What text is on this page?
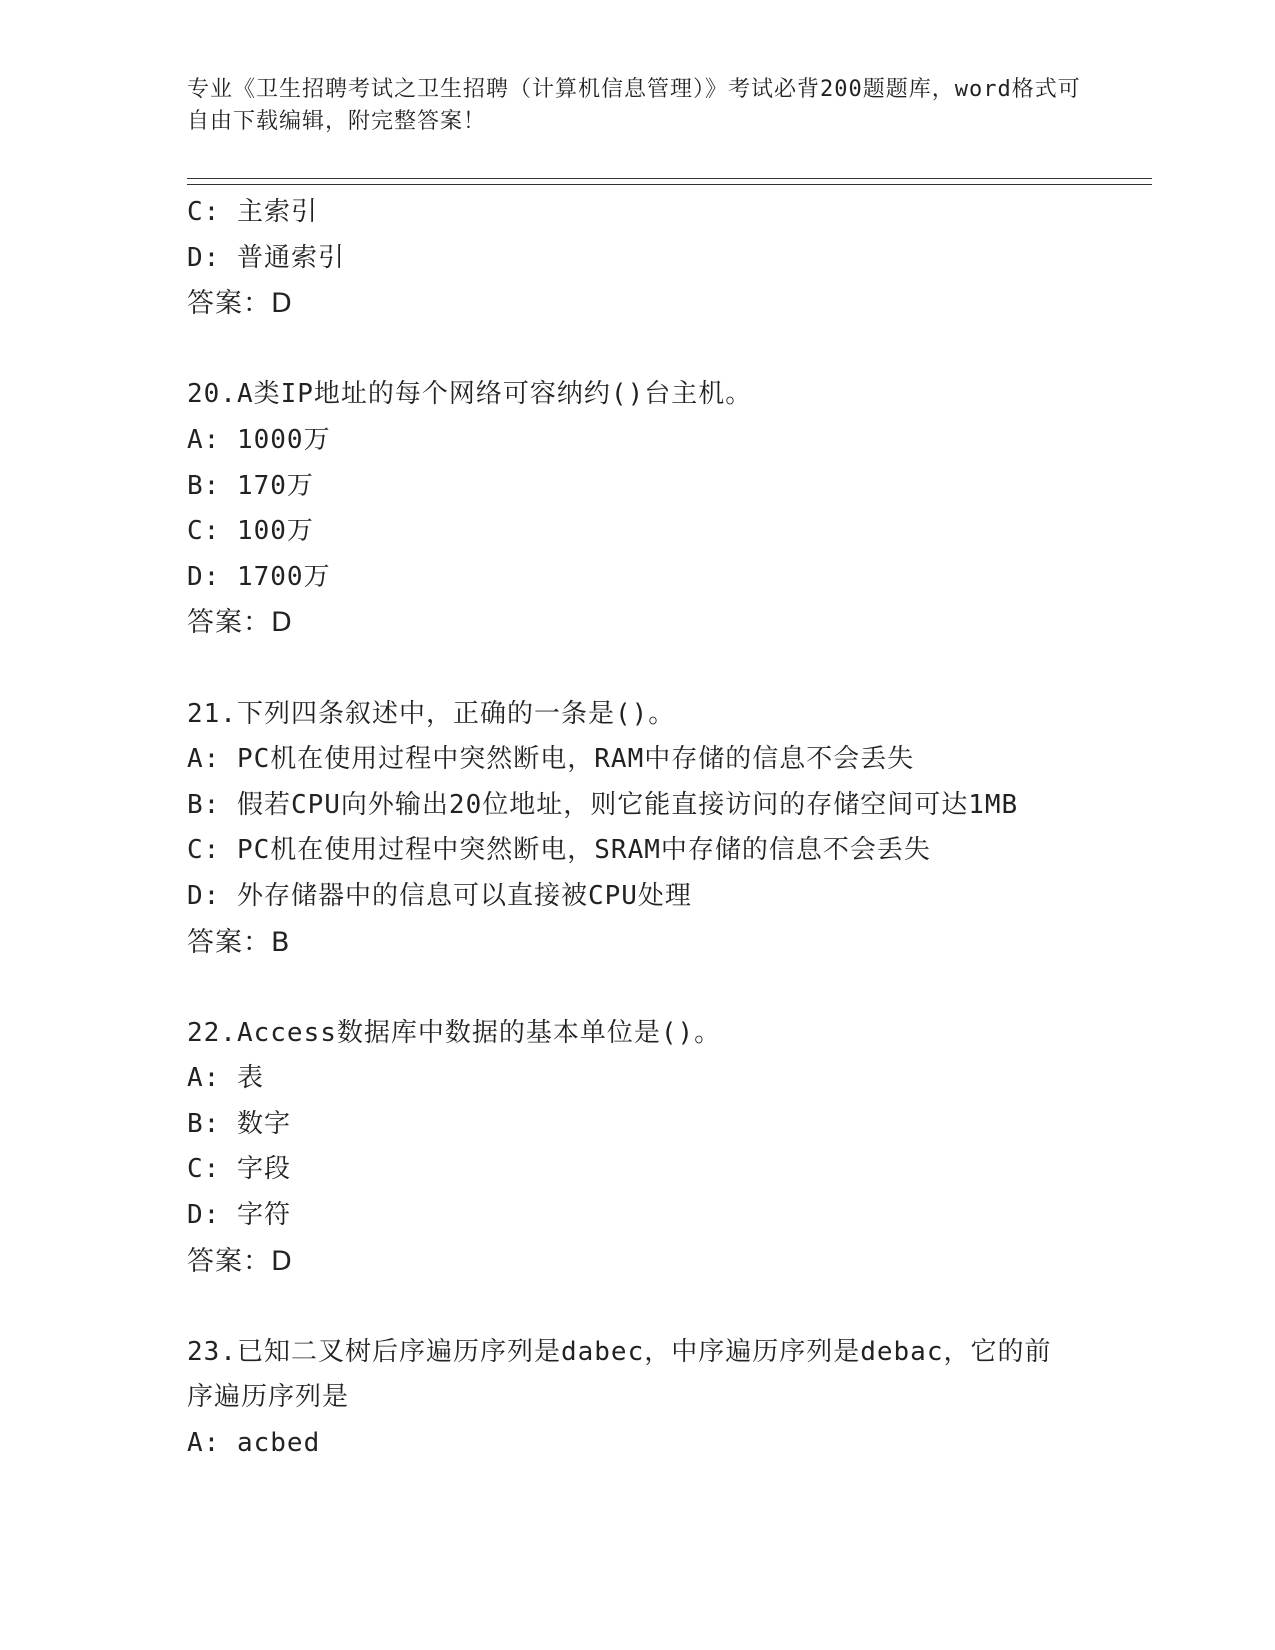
专业《卫生招聘考试之卫生招聘（计算机信息管理）》考试必背200题题库，word格式可自由下载编辑，附完整答案！
C: 主索引
D: 普通索引
答案：D
20.A类IP地址的每个网络可容纳约()台主机。
A: 1000万
B: 170万
C: 100万
D: 1700万
答案：D
21.下列四条叙述中，正确的一条是()。
A: PC机在使用过程中突然断电，RAM中存储的信息不会丢失
B: 假若CPU向外输出20位地址，则它能直接访问的存储空间可达1MB
C: PC机在使用过程中突然断电，SRAM中存储的信息不会丢失
D: 外存储器中的信息可以直接被CPU处理
答案：B
22.Access数据库中数据的基本单位是()。
A: 表
B: 数字
C: 字段
D: 字符
答案：D
23.已知二叉树后序遍历序列是dabec，中序遍历序列是debac，它的前序遍历序列是
A: acbed
